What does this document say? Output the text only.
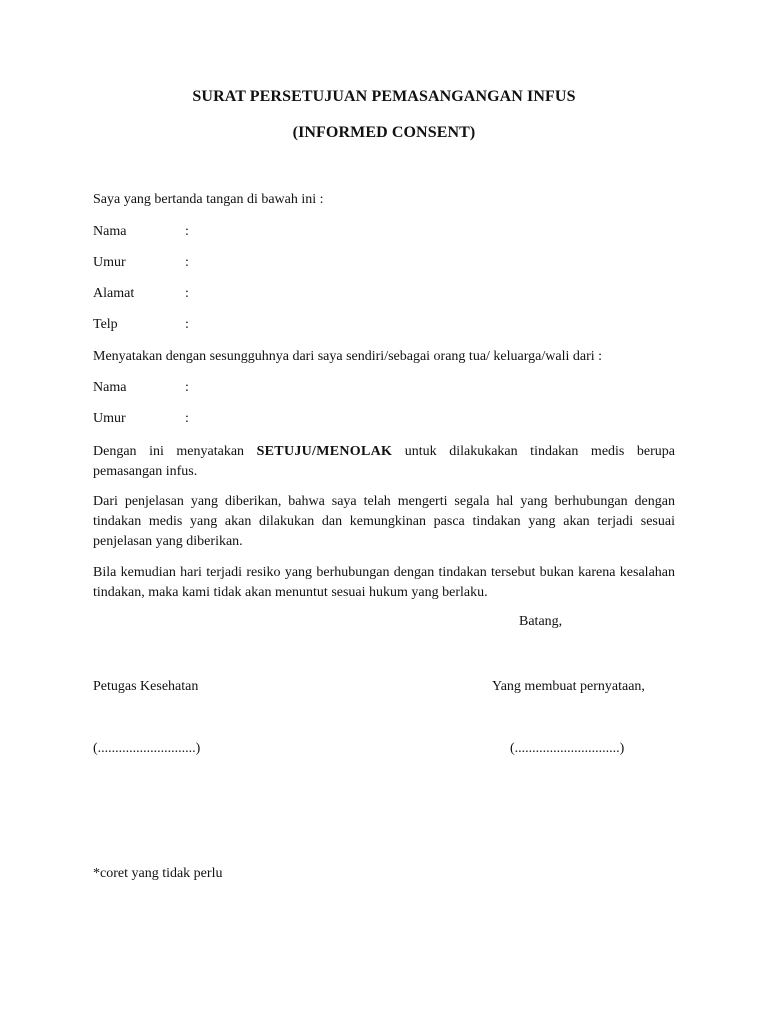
SURAT PERSETUJUAN PEMASANGANGAN INFUS
(INFORMED CONSENT)
Saya yang bertanda tangan di bawah ini :
Nama	:
Umur	:
Alamat	:
Telp	:
Menyatakan dengan sesungguhnya dari saya sendiri/sebagai orang tua/ keluarga/wali dari :
Nama	:
Umur	:
Dengan ini menyatakan SETUJU/MENOLAK untuk dilakukakan tindakan medis berupa pemasangan infus.
Dari penjelasan yang diberikan, bahwa saya telah mengerti segala hal yang berhubungan dengan tindakan medis yang akan dilakukan dan kemungkinan pasca tindakan yang akan terjadi sesuai penjelasan yang diberikan.
Bila kemudian hari terjadi resiko yang berhubungan dengan tindakan tersebut bukan karena kesalahan tindakan, maka kami tidak akan menuntut sesuai hukum yang berlaku.
Batang,
Petugas Kesehatan	Yang membuat pernyataan,
(............................)	(..............................)
*coret yang tidak perlu
